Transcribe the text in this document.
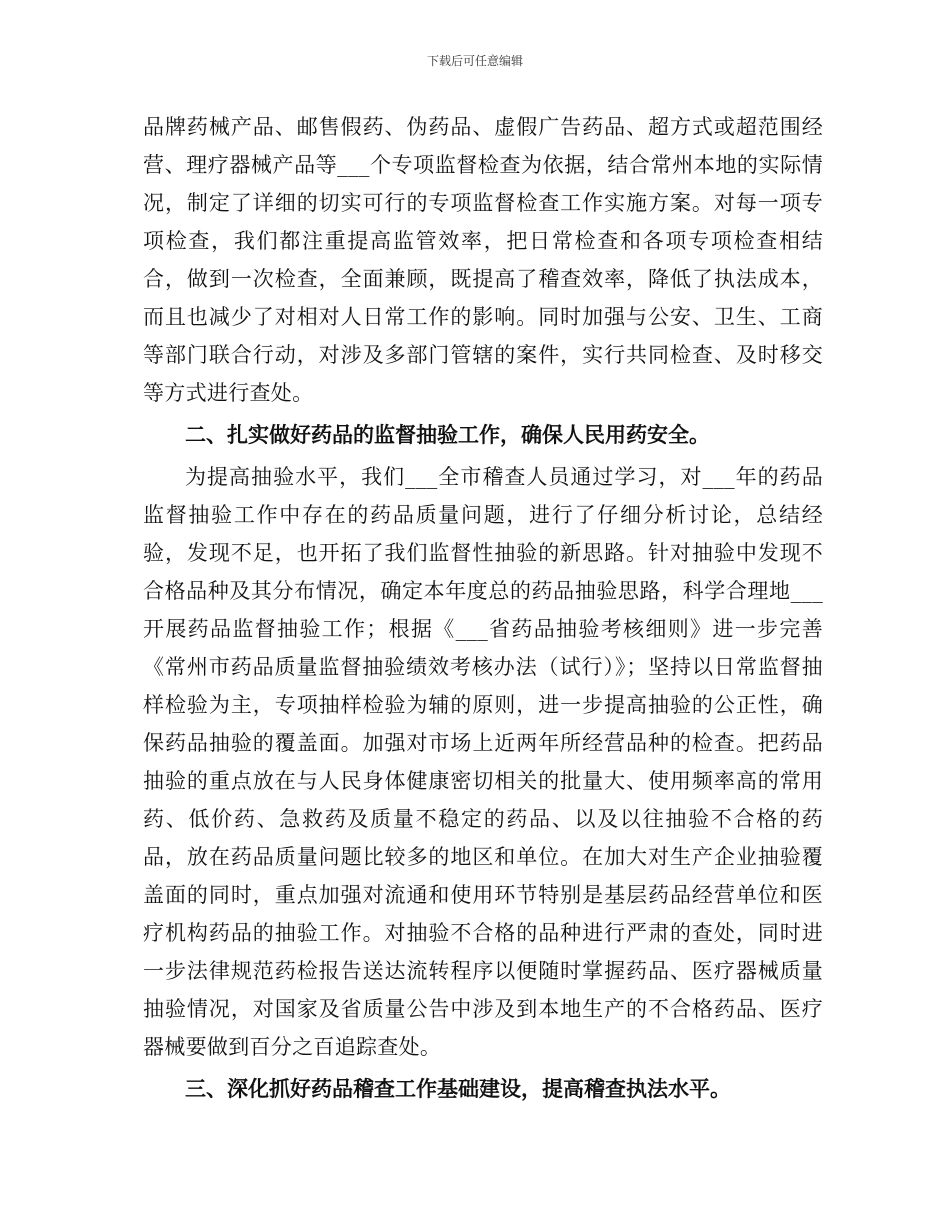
下载后可任意编辑

品牌药械产品、邮售假药、伪药品、虚假广告药品、超方式或超范围经营、理疗器械产品等___个专项监督检查为依据，结合常州本地的实际情况，制定了详细的切实可行的专项监督检查工作实施方案。对每一项专项检查，我们都注重提高监管效率，把日常检查和各项专项检查相结合，做到一次检查，全面兼顾，既提高了稽查效率，降低了执法成本，而且也减少了对相对人日常工作的影响。同时加强与公安、卫生、工商等部门联合行动，对涉及多部门管辖的案件，实行共同检查、及时移交等方式进行查处。

二、扎实做好药品的监督抽验工作，确保人民用药安全。

为提高抽验水平，我们___全市稽查人员通过学习，对___年的药品监督抽验工作中存在的药品质量问题，进行了仔细分析讨论，总结经验，发现不足，也开拓了我们监督性抽验的新思路。针对抽验中发现不合格品种及其分布情况，确定本年度总的药品抽验思路，科学合理地___开展药品监督抽验工作；根据《___省药品抽验考核细则》进一步完善《常州市药品质量监督抽验绩效考核办法（试行）》；坚持以日常监督抽样检验为主，专项抽样检验为辅的原则，进一步提高抽验的公正性，确保药品抽验的覆盖面。加强对市场上近两年所经营品种的检查。把药品抽验的重点放在与人民身体健康密切相关的批量大、使用频率高的常用药、低价药、急救药及质量不稳定的药品、以及以往抽验不合格的药品，放在药品质量问题比较多的地区和单位。在加大对生产企业抽验覆盖面的同时，重点加强对流通和使用环节特别是基层药品经营单位和医疗机构药品的抽验工作。对抽验不合格的品种进行严肃的查处，同时进一步法律规范药检报告送达流转程序以便随时掌握药品、医疗器械质量抽验情况，对国家及省质量公告中涉及到本地生产的不合格药品、医疗器械要做到百分之百追踪查处。

三、深化抓好药品稽查工作基础建设，提高稽查执法水平。
